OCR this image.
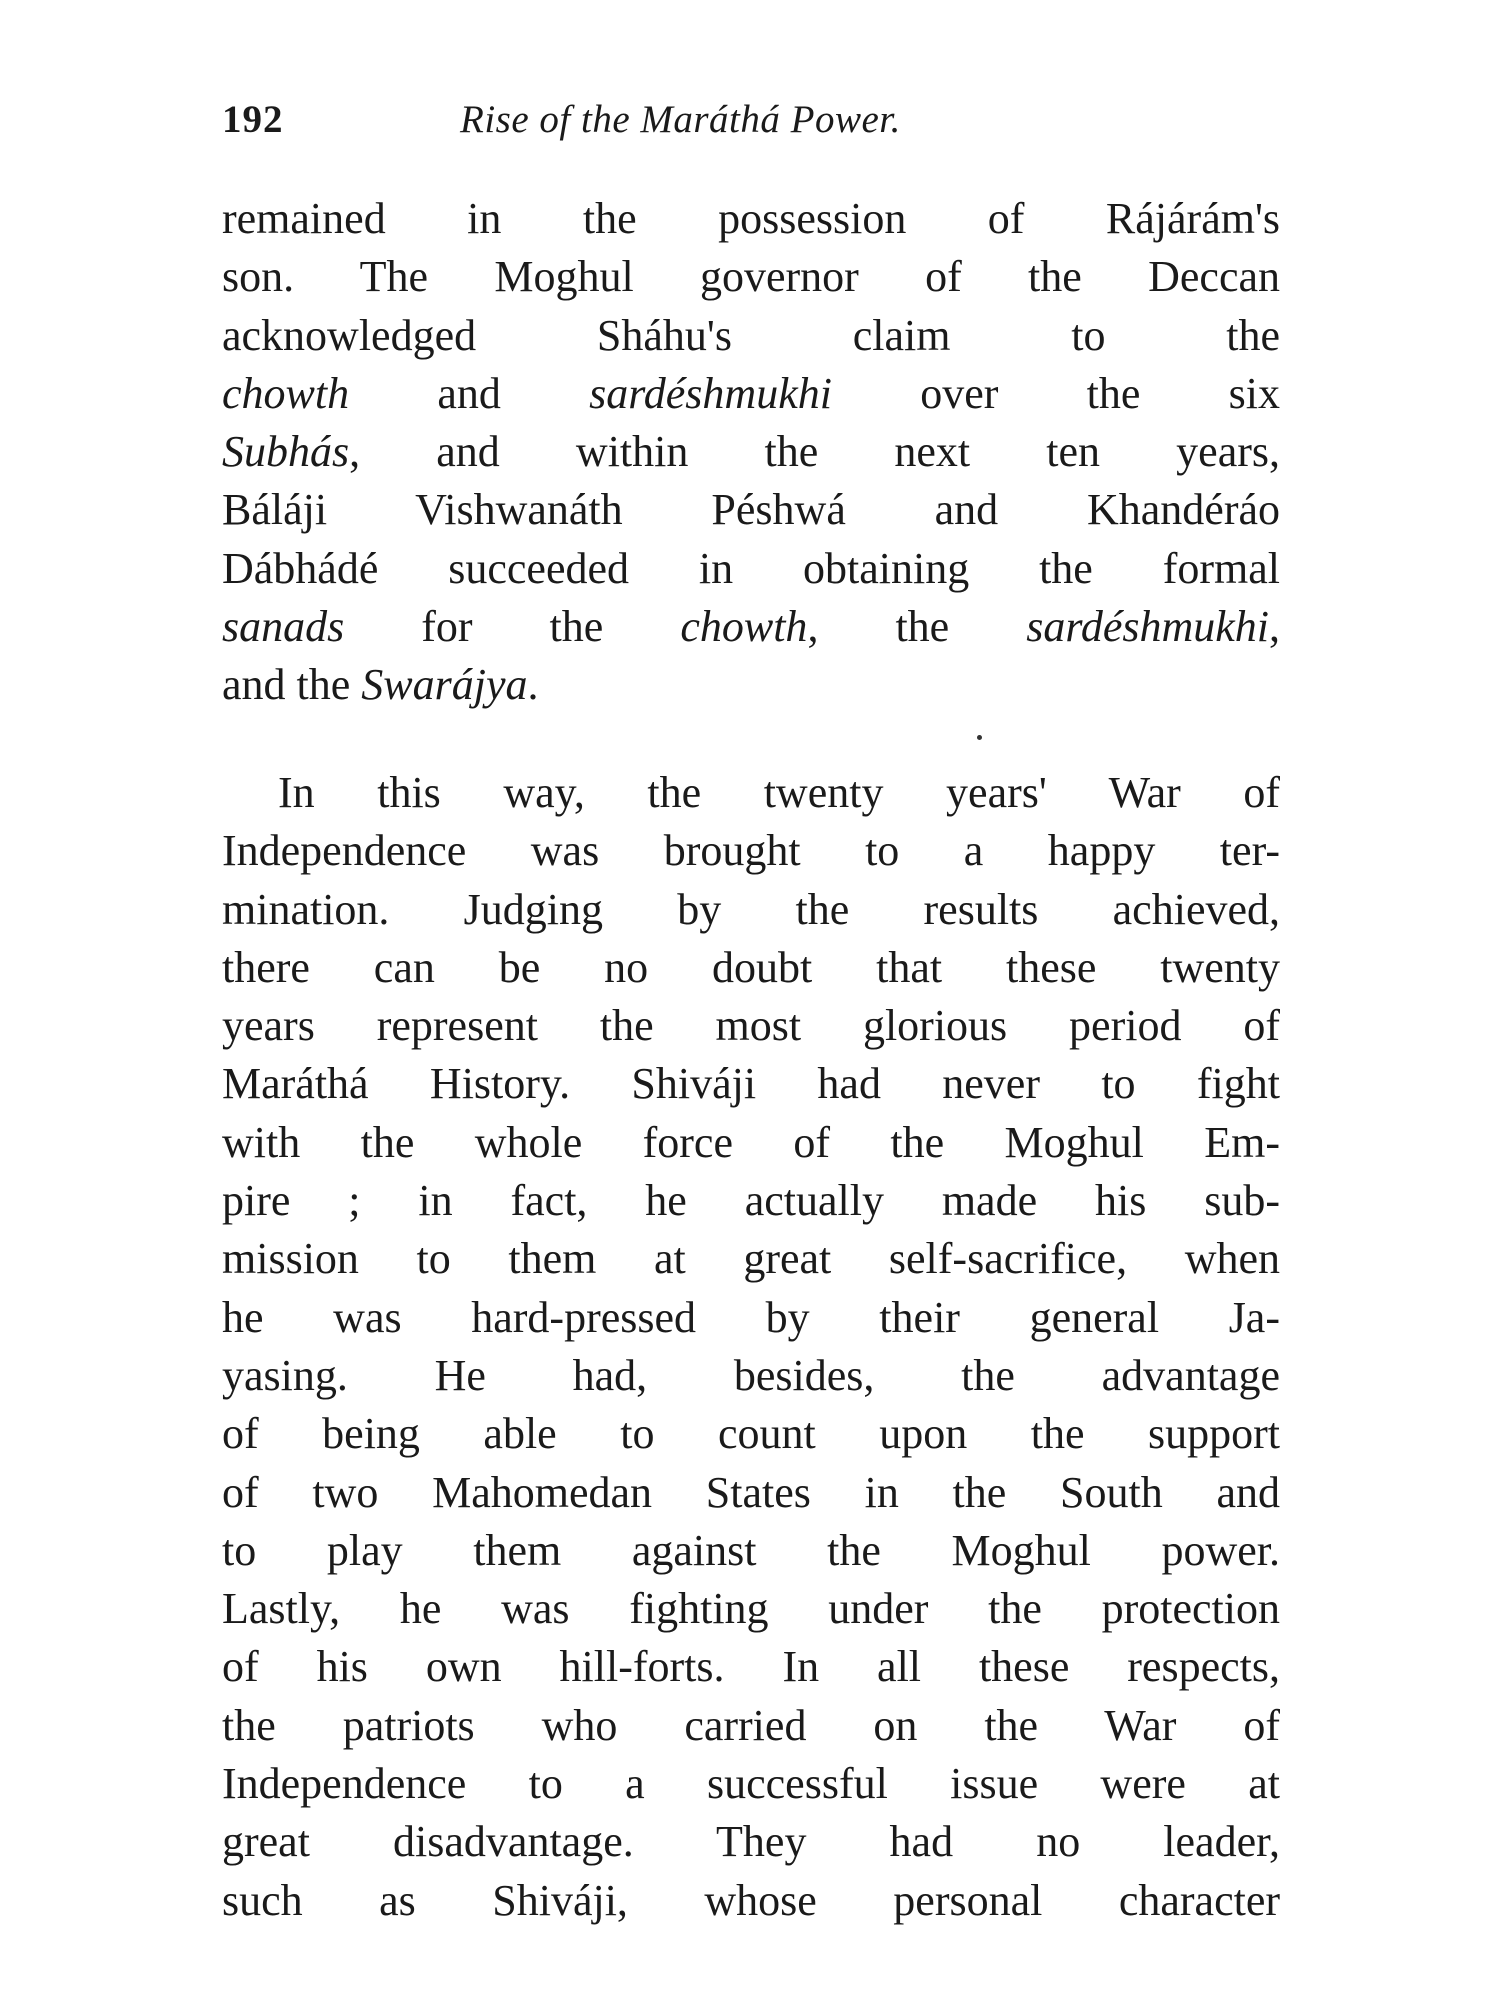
192	Rise of the Maráthá Power.
remained in the possession of Rájárám's
son. The Moghul governor of the Deccan
acknowledged Sháhu's claim to the
chowth and sardéshmukhi over the six
Subhás, and within the next ten years,
Báláji Vishwanáth Péshwá and Khandéráo
Dábhádé succeeded in obtaining the formal
sanads for the chowth, the sardéshmukhi,
and the Swarájya.
In this way, the twenty years' War of
Independence was brought to a happy ter-
mination. Judging by the results achieved,
there can be no doubt that these twenty
years represent the most glorious period of
Maráthá History. Shiváji had never to fight
with the whole force of the Moghul Em-
pire ; in fact, he actually made his sub-
mission to them at great self-sacrifice, when
he was hard-pressed by their general Ja-
yasing. He had, besides, the advantage
of being able to count upon the support
of two Mahomedan States in the South and
to play them against the Moghul power.
Lastly, he was fighting under the protection
of his own hill-forts. In all these respects,
the patriots who carried on the War of
Independence to a successful issue were at
great disadvantage. They had no leader,
such as Shiváji, whose personal character
